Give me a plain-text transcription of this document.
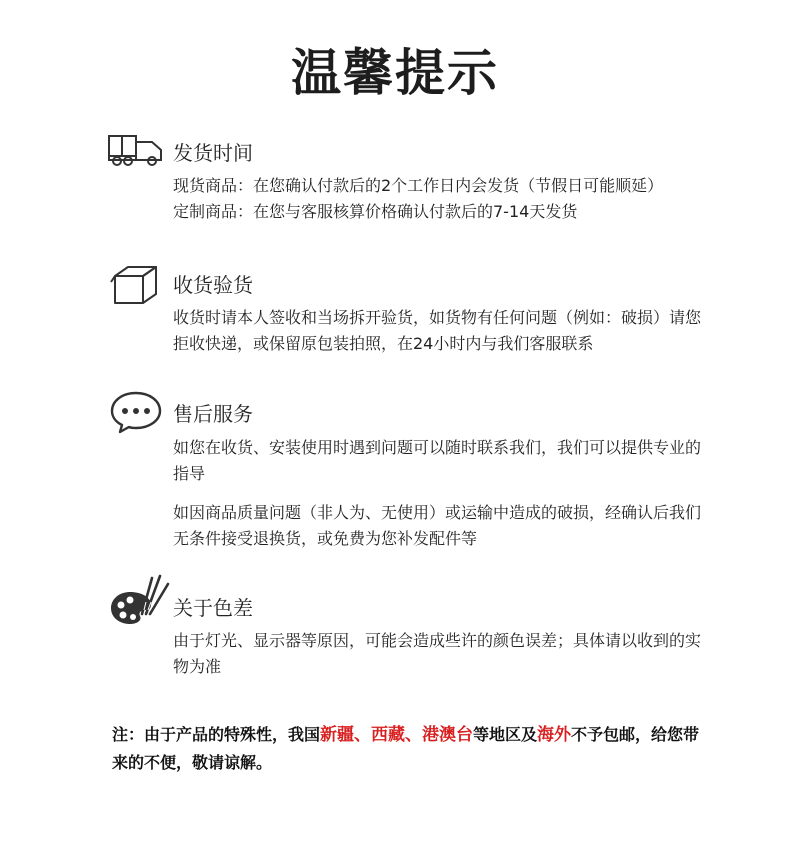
温馨提示
发货时间
现货商品：在您确认付款后的2个工作日内会发货（节假日可能顺延）
定制商品：在您与客服核算价格确认付款后的7-14天发货
收货验货
收货时请本人签收和当场拆开验货，如货物有任何问题（例如：破损）请您拒收快递，或保留原包装拍照，在24小时内与我们客服联系
售后服务
如您在收货、安装使用时遇到问题可以随时联系我们，我们可以提供专业的指导
如因商品质量问题（非人为、无使用）或运输中造成的破损，经确认后我们无条件接受退换货，或免费为您补发配件等
关于色差
由于灯光、显示器等原因，可能会造成些许的颜色误差；具体请以收到的实物为准
注：由于产品的特殊性，我国新疆、西藏、港澳台等地区及海外不予包邮，给您带来的不便，敬请谅解。
